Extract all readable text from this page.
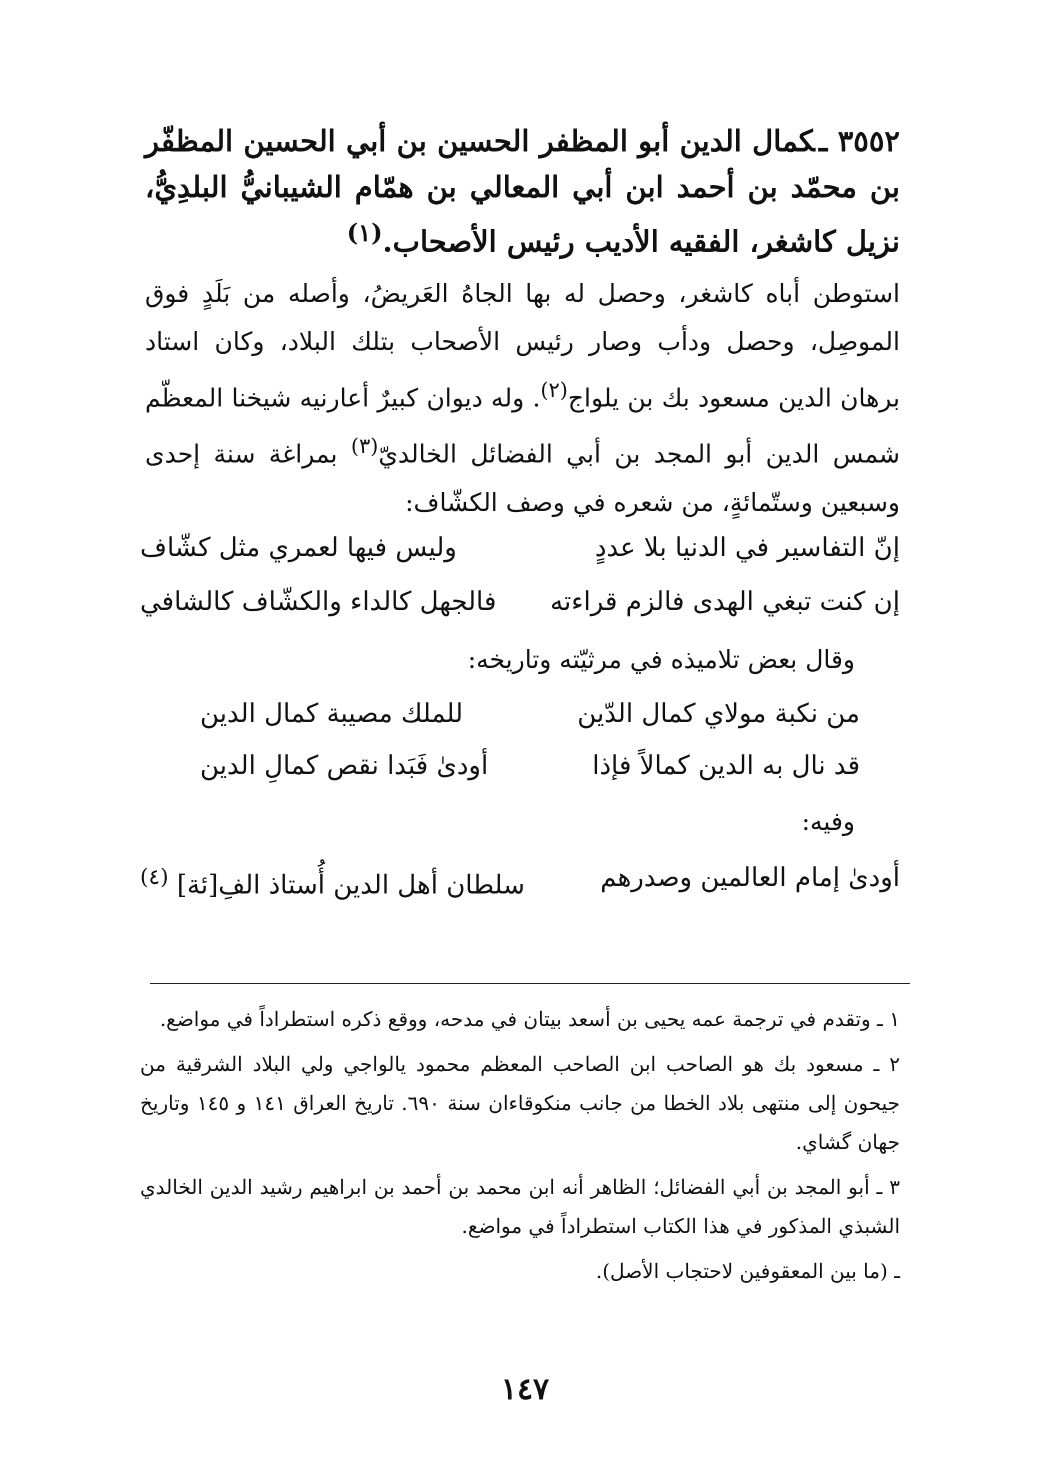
٣٥٥٢ ـكمال الدين أبو المظفر الحسين بن أبي الحسين المظفّر بن محمّد بن أحمد ابن أبي المعالي بن همّام الشيبانيُّ البلدِيُّ، نزيل كاشغر، الفقيه الأديب رئيس الأصحاب.$^{(١)}$

استوطن أباه كاشغر، وحصل له بها الجاهُ العَريضُ، وأصله من بَلَدٍ فوق الموصِل، وحصل ودأب وصار رئيس الأصحاب بتلك البلاد، وكان استاد برهان الدين مسعود بك بن يلواج$^{(٢)}$. وله ديوان كبيرٌ أعارنيه شيخنا المعظّم شمس الدين أبو المجد بن أبي الفضائل الخالديّ$^{(٣)}$ بمراغة سنة إحدى وسبعين وستّمائةٍ، من شعره في وصف الكشّاف:

إنّ التفاسير في الدنيا بلا عددٍ
وليس فيها لعمري مثل كشّاف
إن كنت تبغي الهدى فالزم قراءته
فالجهل كالداء والكشّاف كالشافي
وقال بعض تلاميذه في مرثيّته وتاريخه:
من نكبة مولاي كمال الدّين
للملك مصيبة كمال الدين
قد نال به الدين كمالاً فإذا
أودىٰ فَبَدا نقص كمالِ الدين
وفيه:
أودىٰ إمام العالمين وصدرهم
سلطان أهل الدين أُستاذ الفِ[ئة] $^{(٤)}$

١ ـ وتقدم في ترجمة عمه يحيى بن أسعد بيتان في مدحه، ووقع ذكره استطراداً في مواضع.

٢ ـ مسعود بك هو الصاحب ابن الصاحب المعظم محمود يالواجي ولي البلاد الشرقية من جيحون إلى منتهى بلاد الخطا من جانب منكوقاءان سنة ٦٩٠. تاريخ العراق ١٤١ و ١٤٥ وتاريخ جهان گشاي.

٣ ـ أبو المجد بن أبي الفضائل؛ الظاهر أنه ابن محمد بن أحمد بن ابراهيم رشيد الدين الخالدي الشبذي المذكور في هذا الكتاب استطراداً في مواضع.

ـ (ما بين المعقوفين لاحتجاب الأصل).

١٤٧
